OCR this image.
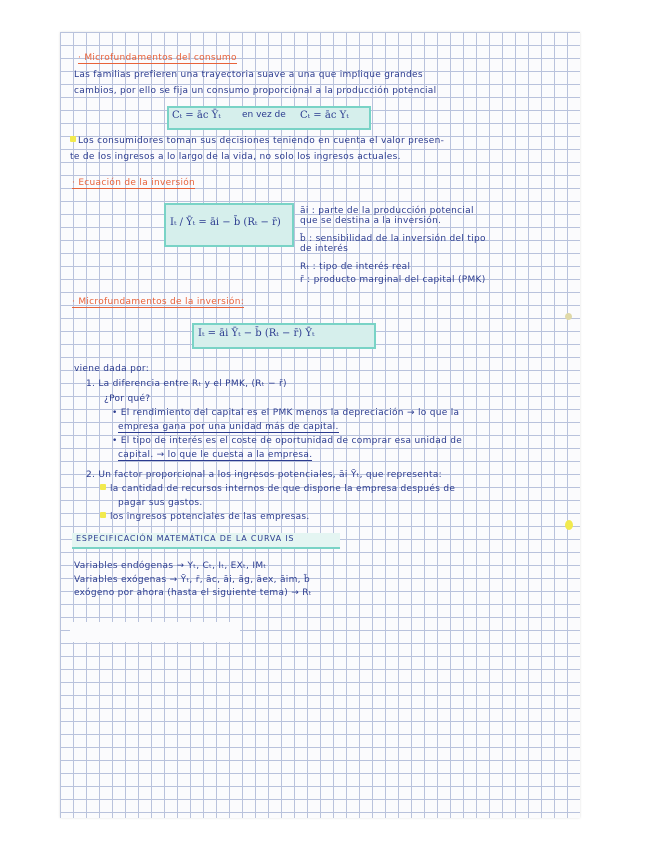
· Microfundamentos del consumo
Las familias prefieren una trayectoria suave a una que implique grandes
cambios, por ello se fija un consumo proporcional a la producción potencial
Cₜ = āc Ȳₜ en vez de Cₜ = āc Yₜ
Los consumidores toman sus decisiones teniendo en cuenta el valor presen-
te de los ingresos a lo largo de la vida, no solo los ingresos actuales.
· Ecuación de la inversión
Iₜ / Ȳₜ = āi − b̄ (Rₜ − r̄)
āi : parte de la producción potencial
que se destina a la inversión.
b̄ : sensibilidad de la inversión del tipo
de interés
Rₜ : tipo de interés real
r̄ : producto marginal del capital (PMK)
· Microfundamentos de la inversión:
Iₜ = āi Ȳₜ − b̄ (Rₜ − r̄) Ȳₜ
viene dada por:
1. La diferencia entre Rₜ y el PMK, (Rₜ − r̄)
¿Por qué?
• El rendimiento del capital es el PMK menos la depreciación → lo que la
empresa gana por una unidad más de capital.
• El tipo de interés es el coste de oportunidad de comprar esa unidad de
capital. → lo que le cuesta a la empresa.
2. Un factor proporcional a los ingresos potenciales, āi Ȳₜ, que representa:
la cantidad de recursos internos de que dispone la empresa después de
pagar sus gastos.
los ingresos potenciales de las empresas.
ESPECIFICACIÓN MATEMÁTICA DE LA CURVA IS
Variables endógenas → Yₜ, Cₜ, Iₜ, EXₜ, IMₜ
Variables exógenas → Ȳₜ, r̄, āc, āi, āg, āex, āim, b̄
exógeno por ahora (hasta el siguiente tema) → Rₜ
